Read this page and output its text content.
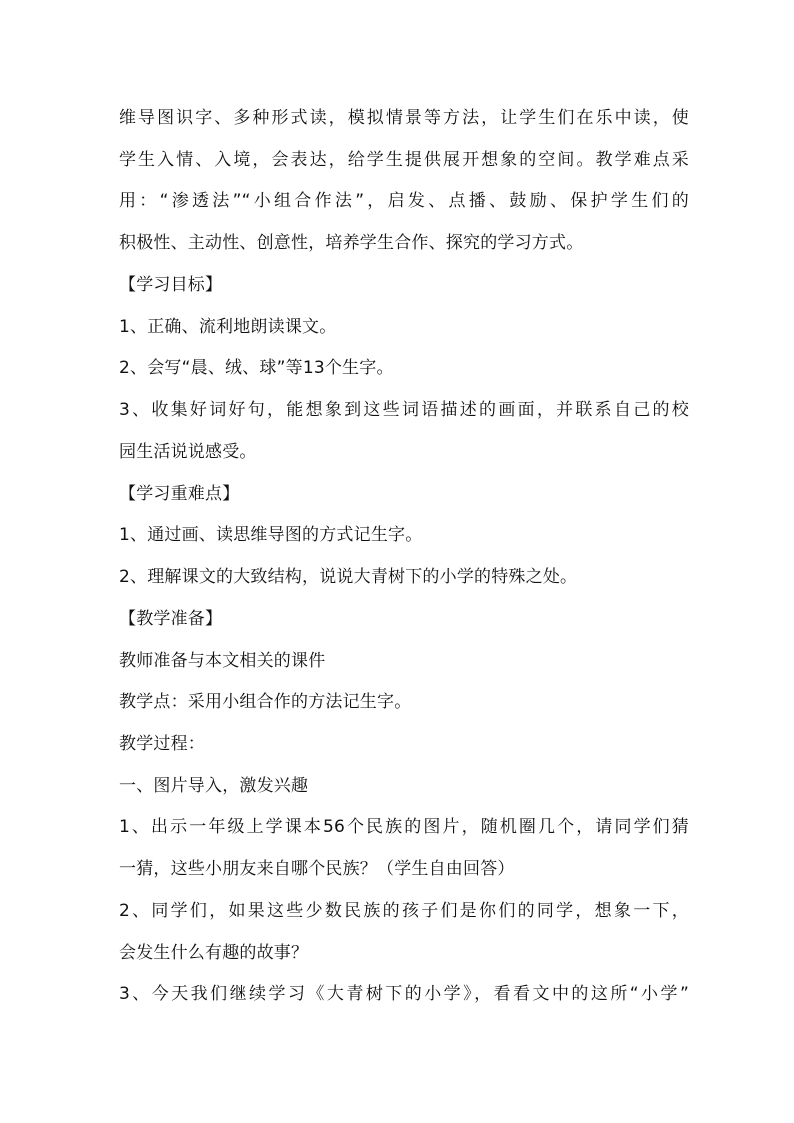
维导图识字、多种形式读，模拟情景等方法，让学生们在乐中读，使
学生入情、入境，会表达，给学生提供展开想象的空间。教学难点采
用：“渗透法”“小组合作法”，启发、点播、鼓励、保护学生们的
积极性、主动性、创意性，培养学生合作、探究的学习方式。
【学习目标】
1、正确、流利地朗读课文。
2、会写“晨、绒、球”等13个生字。
3、收集好词好句，能想象到这些词语描述的画面，并联系自己的校
园生活说说感受。
【学习重难点】
1、通过画、读思维导图的方式记生字。
2、理解课文的大致结构，说说大青树下的小学的特殊之处。
【教学准备】
教师准备与本文相关的课件
教学点：采用小组合作的方法记生字。
教学过程：
一、图片导入，激发兴趣
1、出示一年级上学课本56个民族的图片，随机圈几个，请同学们猜
一猜，这些小朋友来自哪个民族？（学生自由回答）
2、同学们，如果这些少数民族的孩子们是你们的同学，想象一下，
会发生什么有趣的故事？
3、今天我们继续学习《大青树下的小学》，看看文中的这所“小学”
